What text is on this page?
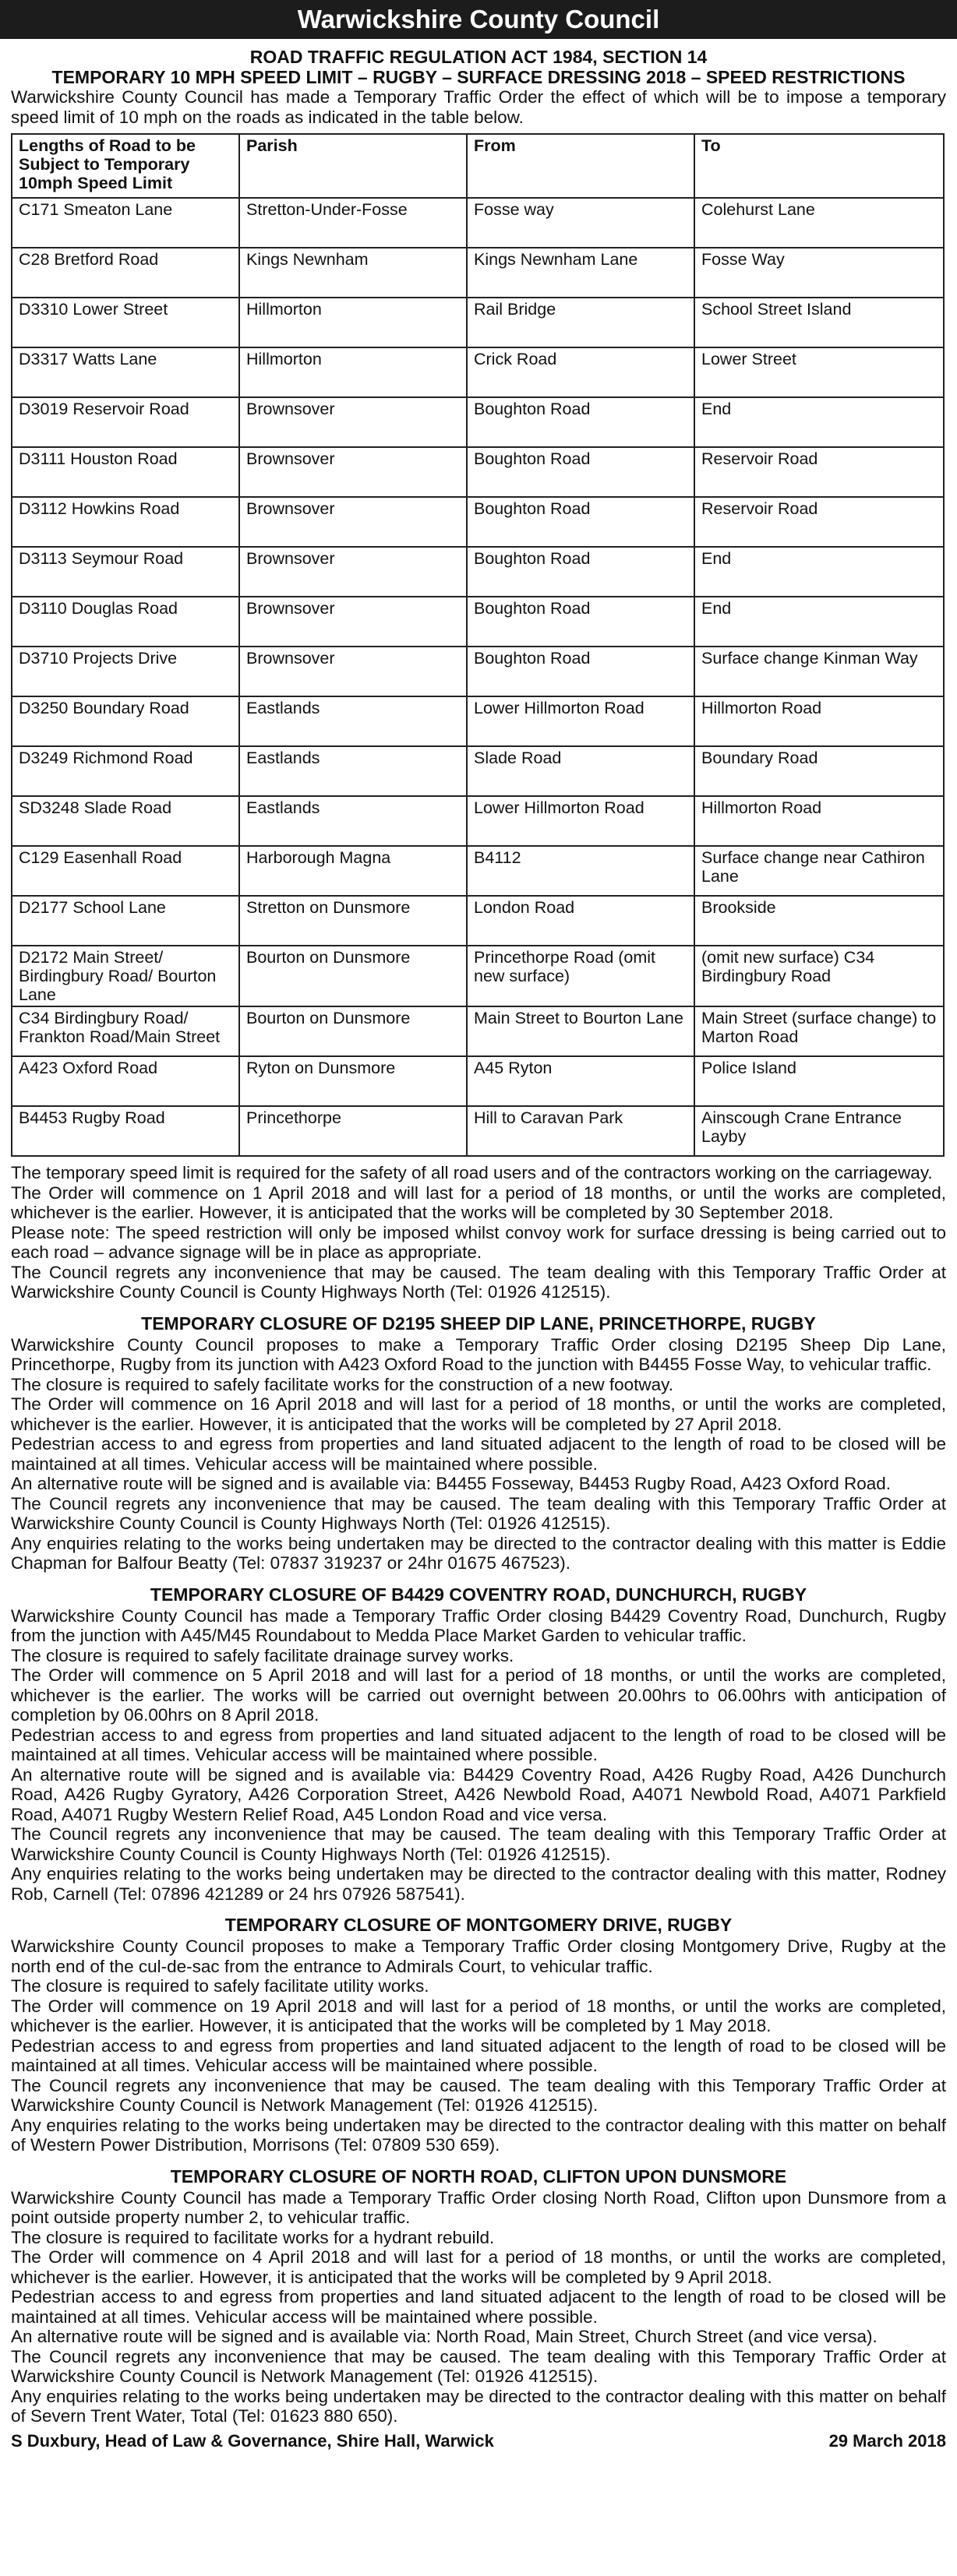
Warwickshire County Council
ROAD TRAFFIC REGULATION ACT 1984, SECTION 14
TEMPORARY 10 MPH SPEED LIMIT – RUGBY – SURFACE DRESSING 2018 – SPEED RESTRICTIONS

Warwickshire County Council has made a Temporary Traffic Order the effect of which will be to impose a temporary speed limit of 10 mph on the roads as indicated in the table below.

Lengths of Road to be Subject to Temporary 10mph Speed Limit	Parish	From	To
C171 Smeaton Lane	Stretton-Under-Fosse	Fosse way	Colehurst Lane
C28 Bretford Road	Kings Newnham	Kings Newnham Lane	Fosse Way
D3310 Lower Street	Hillmorton	Rail Bridge	School Street Island
D3317 Watts Lane	Hillmorton	Crick Road	Lower Street
D3019 Reservoir Road	Brownsover	Boughton Road	End
D3111 Houston Road	Brownsover	Boughton Road	Reservoir Road
D3112 Howkins Road	Brownsover	Boughton Road	Reservoir Road
D3113 Seymour Road	Brownsover	Boughton Road	End
D3110 Douglas Road	Brownsover	Boughton Road	End
D3710 Projects Drive	Brownsover	Boughton Road	Surface change Kinman Way
D3250 Boundary Road	Eastlands	Lower Hillmorton Road	Hillmorton Road
D3249 Richmond Road	Eastlands	Slade Road	Boundary Road
SD3248 Slade Road	Eastlands	Lower Hillmorton Road	Hillmorton Road
C129 Easenhall Road	Harborough Magna	B4112	Surface change near Cathiron Lane
D2177 School Lane	Stretton on Dunsmore	London Road	Brookside
D2172 Main Street/ Birdingbury Road/ Bourton Lane	Bourton on Dunsmore	Princethorpe Road (omit new surface)	(omit new surface) C34 Birdingbury Road
C34 Birdingbury Road/ Frankton Road/Main Street	Bourton on Dunsmore	Main Street to Bourton Lane	Main Street (surface change) to Marton Road
A423 Oxford Road	Ryton on Dunsmore	A45 Ryton	Police Island
B4453 Rugby Road	Princethorpe	Hill to Caravan Park	Ainscough Crane Entrance Layby

The temporary speed limit is required for the safety of all road users and of the contractors working on the carriageway.

The Order will commence on 1 April 2018 and will last for a period of 18 months, or until the works are completed, whichever is the earlier. However, it is anticipated that the works will be completed by 30 September 2018.

Please note: The speed restriction will only be imposed whilst convoy work for surface dressing is being carried out to each road – advance signage will be in place as appropriate.

The Council regrets any inconvenience that may be caused. The team dealing with this Temporary Traffic Order at Warwickshire County Council is County Highways North (Tel: 01926 412515).

TEMPORARY CLOSURE OF D2195 SHEEP DIP LANE, PRINCETHORPE, RUGBY

Warwickshire County Council proposes to make a Temporary Traffic Order closing D2195 Sheep Dip Lane, Princethorpe, Rugby from its junction with A423 Oxford Road to the junction with B4455 Fosse Way, to vehicular traffic.

The closure is required to safely facilitate works for the construction of a new footway.

The Order will commence on 16 April 2018 and will last for a period of 18 months, or until the works are completed, whichever is the earlier. However, it is anticipated that the works will be completed by 27 April 2018.

Pedestrian access to and egress from properties and land situated adjacent to the length of road to be closed will be maintained at all times. Vehicular access will be maintained where possible.

An alternative route will be signed and is available via: B4455 Fosseway, B4453 Rugby Road, A423 Oxford Road.

The Council regrets any inconvenience that may be caused. The team dealing with this Temporary Traffic Order at Warwickshire County Council is County Highways North (Tel: 01926 412515).

Any enquiries relating to the works being undertaken may be directed to the contractor dealing with this matter is Eddie Chapman for Balfour Beatty (Tel: 07837 319237 or 24hr 01675 467523).

TEMPORARY CLOSURE OF B4429 COVENTRY ROAD, DUNCHURCH, RUGBY

Warwickshire County Council has made a Temporary Traffic Order closing B4429 Coventry Road, Dunchurch, Rugby from the junction with A45/M45 Roundabout to Medda Place Market Garden to vehicular traffic.

The closure is required to safely facilitate drainage survey works.

The Order will commence on 5 April 2018 and will last for a period of 18 months, or until the works are completed, whichever is the earlier. The works will be carried out overnight between 20.00hrs to 06.00hrs with anticipation of completion by 06.00hrs on 8 April 2018.

Pedestrian access to and egress from properties and land situated adjacent to the length of road to be closed will be maintained at all times. Vehicular access will be maintained where possible.

An alternative route will be signed and is available via: B4429 Coventry Road, A426 Rugby Road, A426 Dunchurch Road, A426 Rugby Gyratory, A426 Corporation Street, A426 Newbold Road, A4071 Newbold Road, A4071 Parkfield Road, A4071 Rugby Western Relief Road, A45 London Road and vice versa.

The Council regrets any inconvenience that may be caused. The team dealing with this Temporary Traffic Order at Warwickshire County Council is County Highways North (Tel: 01926 412515).

Any enquiries relating to the works being undertaken may be directed to the contractor dealing with this matter, Rodney Rob, Carnell (Tel: 07896 421289 or 24 hrs 07926 587541).

TEMPORARY CLOSURE OF MONTGOMERY DRIVE, RUGBY

Warwickshire County Council proposes to make a Temporary Traffic Order closing Montgomery Drive, Rugby at the north end of the cul-de-sac from the entrance to Admirals Court, to vehicular traffic.

The closure is required to safely facilitate utility works.

The Order will commence on 19 April 2018 and will last for a period of 18 months, or until the works are completed, whichever is the earlier. However, it is anticipated that the works will be completed by 1 May 2018.

Pedestrian access to and egress from properties and land situated adjacent to the length of road to be closed will be maintained at all times. Vehicular access will be maintained where possible.

The Council regrets any inconvenience that may be caused. The team dealing with this Temporary Traffic Order at Warwickshire County Council is Network Management (Tel: 01926 412515).

Any enquiries relating to the works being undertaken may be directed to the contractor dealing with this matter on behalf of Western Power Distribution, Morrisons (Tel: 07809 530 659).

TEMPORARY CLOSURE OF NORTH ROAD, CLIFTON UPON DUNSMORE

Warwickshire County Council has made a Temporary Traffic Order closing North Road, Clifton upon Dunsmore from a point outside property number 2, to vehicular traffic.

The closure is required to facilitate works for a hydrant rebuild.

The Order will commence on 4 April 2018 and will last for a period of 18 months, or until the works are completed, whichever is the earlier. However, it is anticipated that the works will be completed by 9 April 2018.

Pedestrian access to and egress from properties and land situated adjacent to the length of road to be closed will be maintained at all times. Vehicular access will be maintained where possible.

An alternative route will be signed and is available via: North Road, Main Street, Church Street (and vice versa).

The Council regrets any inconvenience that may be caused. The team dealing with this Temporary Traffic Order at Warwickshire County Council is Network Management (Tel: 01926 412515).

Any enquiries relating to the works being undertaken may be directed to the contractor dealing with this matter on behalf of Severn Trent Water, Total (Tel: 01623 880 650).

S Duxbury, Head of Law & Governance, Shire Hall, Warwick	29 March 2018
